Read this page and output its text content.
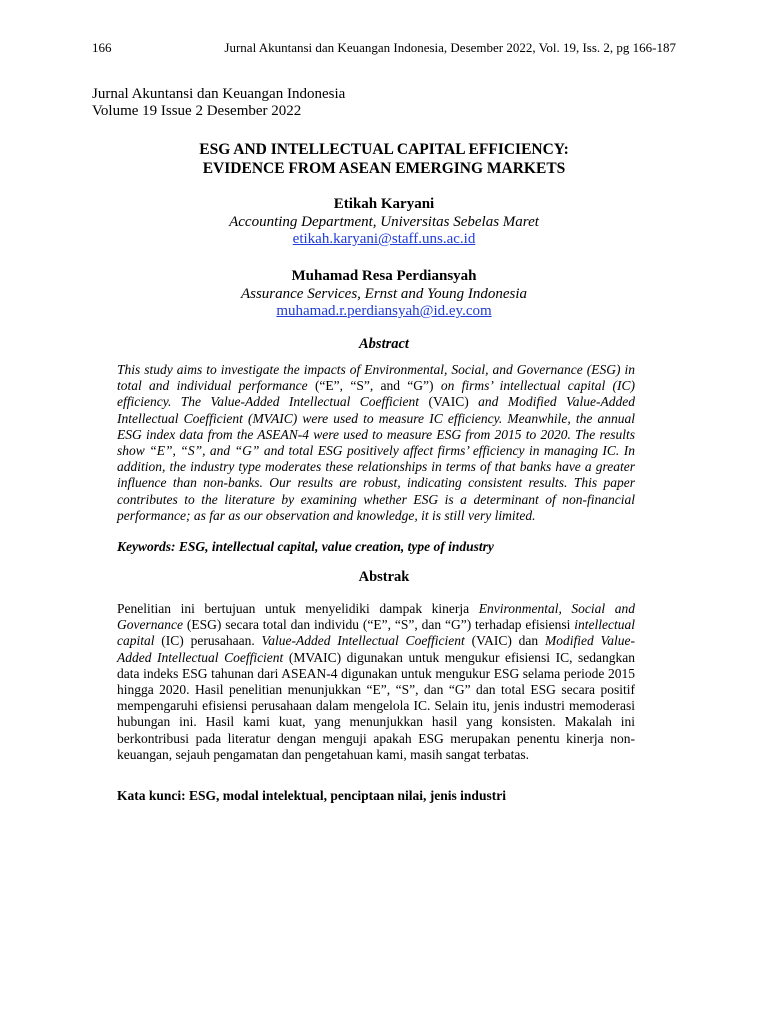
166	Jurnal Akuntansi dan Keuangan Indonesia, Desember 2022, Vol. 19, Iss. 2, pg 166-187
Jurnal Akuntansi dan Keuangan Indonesia
Volume 19 Issue 2 Desember 2022
ESG AND INTELLECTUAL CAPITAL EFFICIENCY:
EVIDENCE FROM ASEAN EMERGING MARKETS
Etikah Karyani
Accounting Department, Universitas Sebelas Maret
etikah.karyani@staff.uns.ac.id
Muhamad Resa Perdiansyah
Assurance Services, Ernst and Young Indonesia
muhamad.r.perdiansyah@id.ey.com
Abstract
This study aims to investigate the impacts of Environmental, Social, and Governance (ESG) in total and individual performance (“E”, “S”, and “G”) on firms’ intellectual capital (IC) efficiency. The Value-Added Intellectual Coefficient (VAIC) and Modified Value-Added Intellectual Coefficient (MVAIC) were used to measure IC efficiency. Meanwhile, the annual ESG index data from the ASEAN-4 were used to measure ESG from 2015 to 2020. The results show “E”, “S”, and “G” and total ESG positively affect firms’ efficiency in managing IC. In addition, the industry type moderates these relationships in terms of that banks have a greater influence than non-banks. Our results are robust, indicating consistent results. This paper contributes to the literature by examining whether ESG is a determinant of non-financial performance; as far as our observation and knowledge, it is still very limited.
Keywords: ESG, intellectual capital, value creation, type of industry
Abstrak
Penelitian ini bertujuan untuk menyelidiki dampak kinerja Environmental, Social and Governance (ESG) secara total dan individu (“E”, “S”, dan “G”) terhadap efisiensi intellectual capital (IC) perusahaan. Value-Added Intellectual Coefficient (VAIC) dan Modified Value-Added Intellectual Coefficient (MVAIC) digunakan untuk mengukur efisiensi IC, sedangkan data indeks ESG tahunan dari ASEAN-4 digunakan untuk mengukur ESG selama periode 2015 hingga 2020. Hasil penelitian menunjukkan “E”, “S”, dan “G” dan total ESG secara positif mempengaruhi efisiensi perusahaan dalam mengelola IC. Selain itu, jenis industri memoderasi hubungan ini. Hasil kami kuat, yang menunjukkan hasil yang konsisten. Makalah ini berkontribusi pada literatur dengan menguji apakah ESG merupakan penentu kinerja non-keuangan, sejauh pengamatan dan pengetahuan kami, masih sangat terbatas.
Kata kunci: ESG, modal intelektual, penciptaan nilai, jenis industri
